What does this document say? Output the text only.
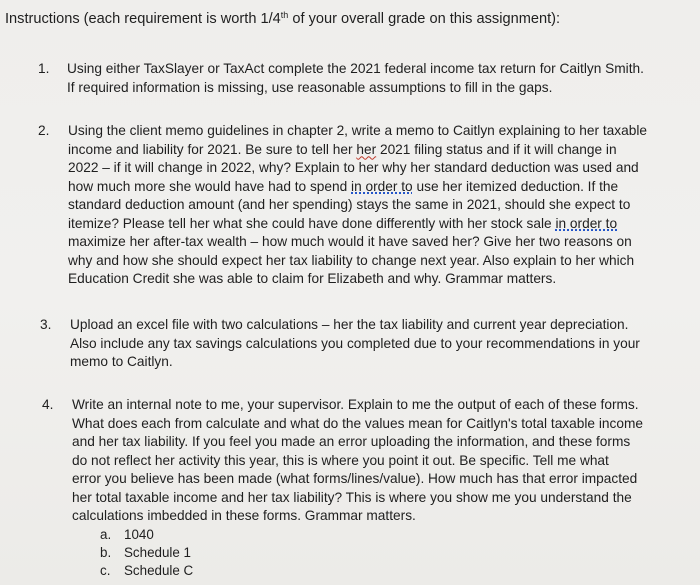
Instructions (each requirement is worth 1/4th of your overall grade on this assignment):
1. Using either TaxSlayer or TaxAct complete the 2021 federal income tax return for Caitlyn Smith.
If required information is missing, use reasonable assumptions to fill in the gaps.
2. Using the client memo guidelines in chapter 2, write a memo to Caitlyn explaining to her taxable
income and liability for 2021. Be sure to tell her her 2021 filing status and if it will change in
2022 – if it will change in 2022, why? Explain to her why her standard deduction was used and
how much more she would have had to spend in order to use her itemized deduction. If the
standard deduction amount (and her spending) stays the same in 2021, should she expect to
itemize? Please tell her what she could have done differently with her stock sale in order to
maximize her after-tax wealth – how much would it have saved her? Give her two reasons on
why and how she should expect her tax liability to change next year. Also explain to her which
Education Credit she was able to claim for Elizabeth and why. Grammar matters.
3. Upload an excel file with two calculations – her the tax liability and current year depreciation.
Also include any tax savings calculations you completed due to your recommendations in your
memo to Caitlyn.
4. Write an internal note to me, your supervisor. Explain to me the output of each of these forms.
What does each from calculate and what do the values mean for Caitlyn's total taxable income
and her tax liability. If you feel you made an error uploading the information, and these forms
do not reflect her activity this year, this is where you point it out. Be specific. Tell me what
error you believe has been made (what forms/lines/value). How much has that error impacted
her total taxable income and her tax liability? This is where you show me you understand the
calculations imbedded in these forms. Grammar matters.
a. 1040
b. Schedule 1
c. Schedule C
